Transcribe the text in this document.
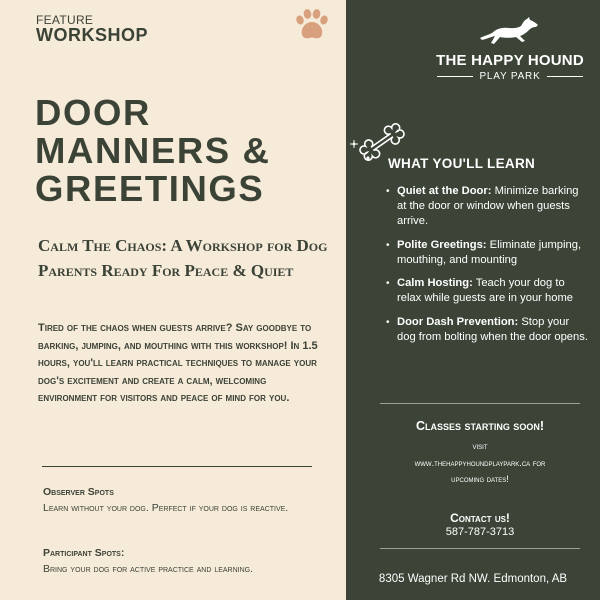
FEATURE
WORKSHOP
DOOR
MANNERS &
GREETINGS
Calm The Chaos: A Workshop for Dog Parents Ready For Peace & Quiet
Tired of the chaos when guests arrive? Say goodbye to barking, jumping, and mouthing with this workshop! In 1.5 hours, you'll learn practical techniques to manage your dog's excitement and create a calm, welcoming environment for visitors and peace of mind for you.
Observer Spots
Learn without your dog. Perfect if your dog is reactive.
Participant Spots:
Bring your dog for active practice and learning.
THE HAPPY HOUND
PLAY PARK
WHAT YOU'LL LEARN
• Quiet at the Door: Minimize barking at the door or window when guests arrive.
• Polite Greetings: Eliminate jumping, mouthing, and mounting
• Calm Hosting: Teach your dog to relax while guests are in your home
• Door Dash Prevention: Stop your dog from bolting when the door opens.
Classes starting soon!
visit
www.thehappyhoundplaypark.ca for
upcoming dates!
Contact us!
587-787-3713
8305 Wagner Rd NW. Edmonton, AB
